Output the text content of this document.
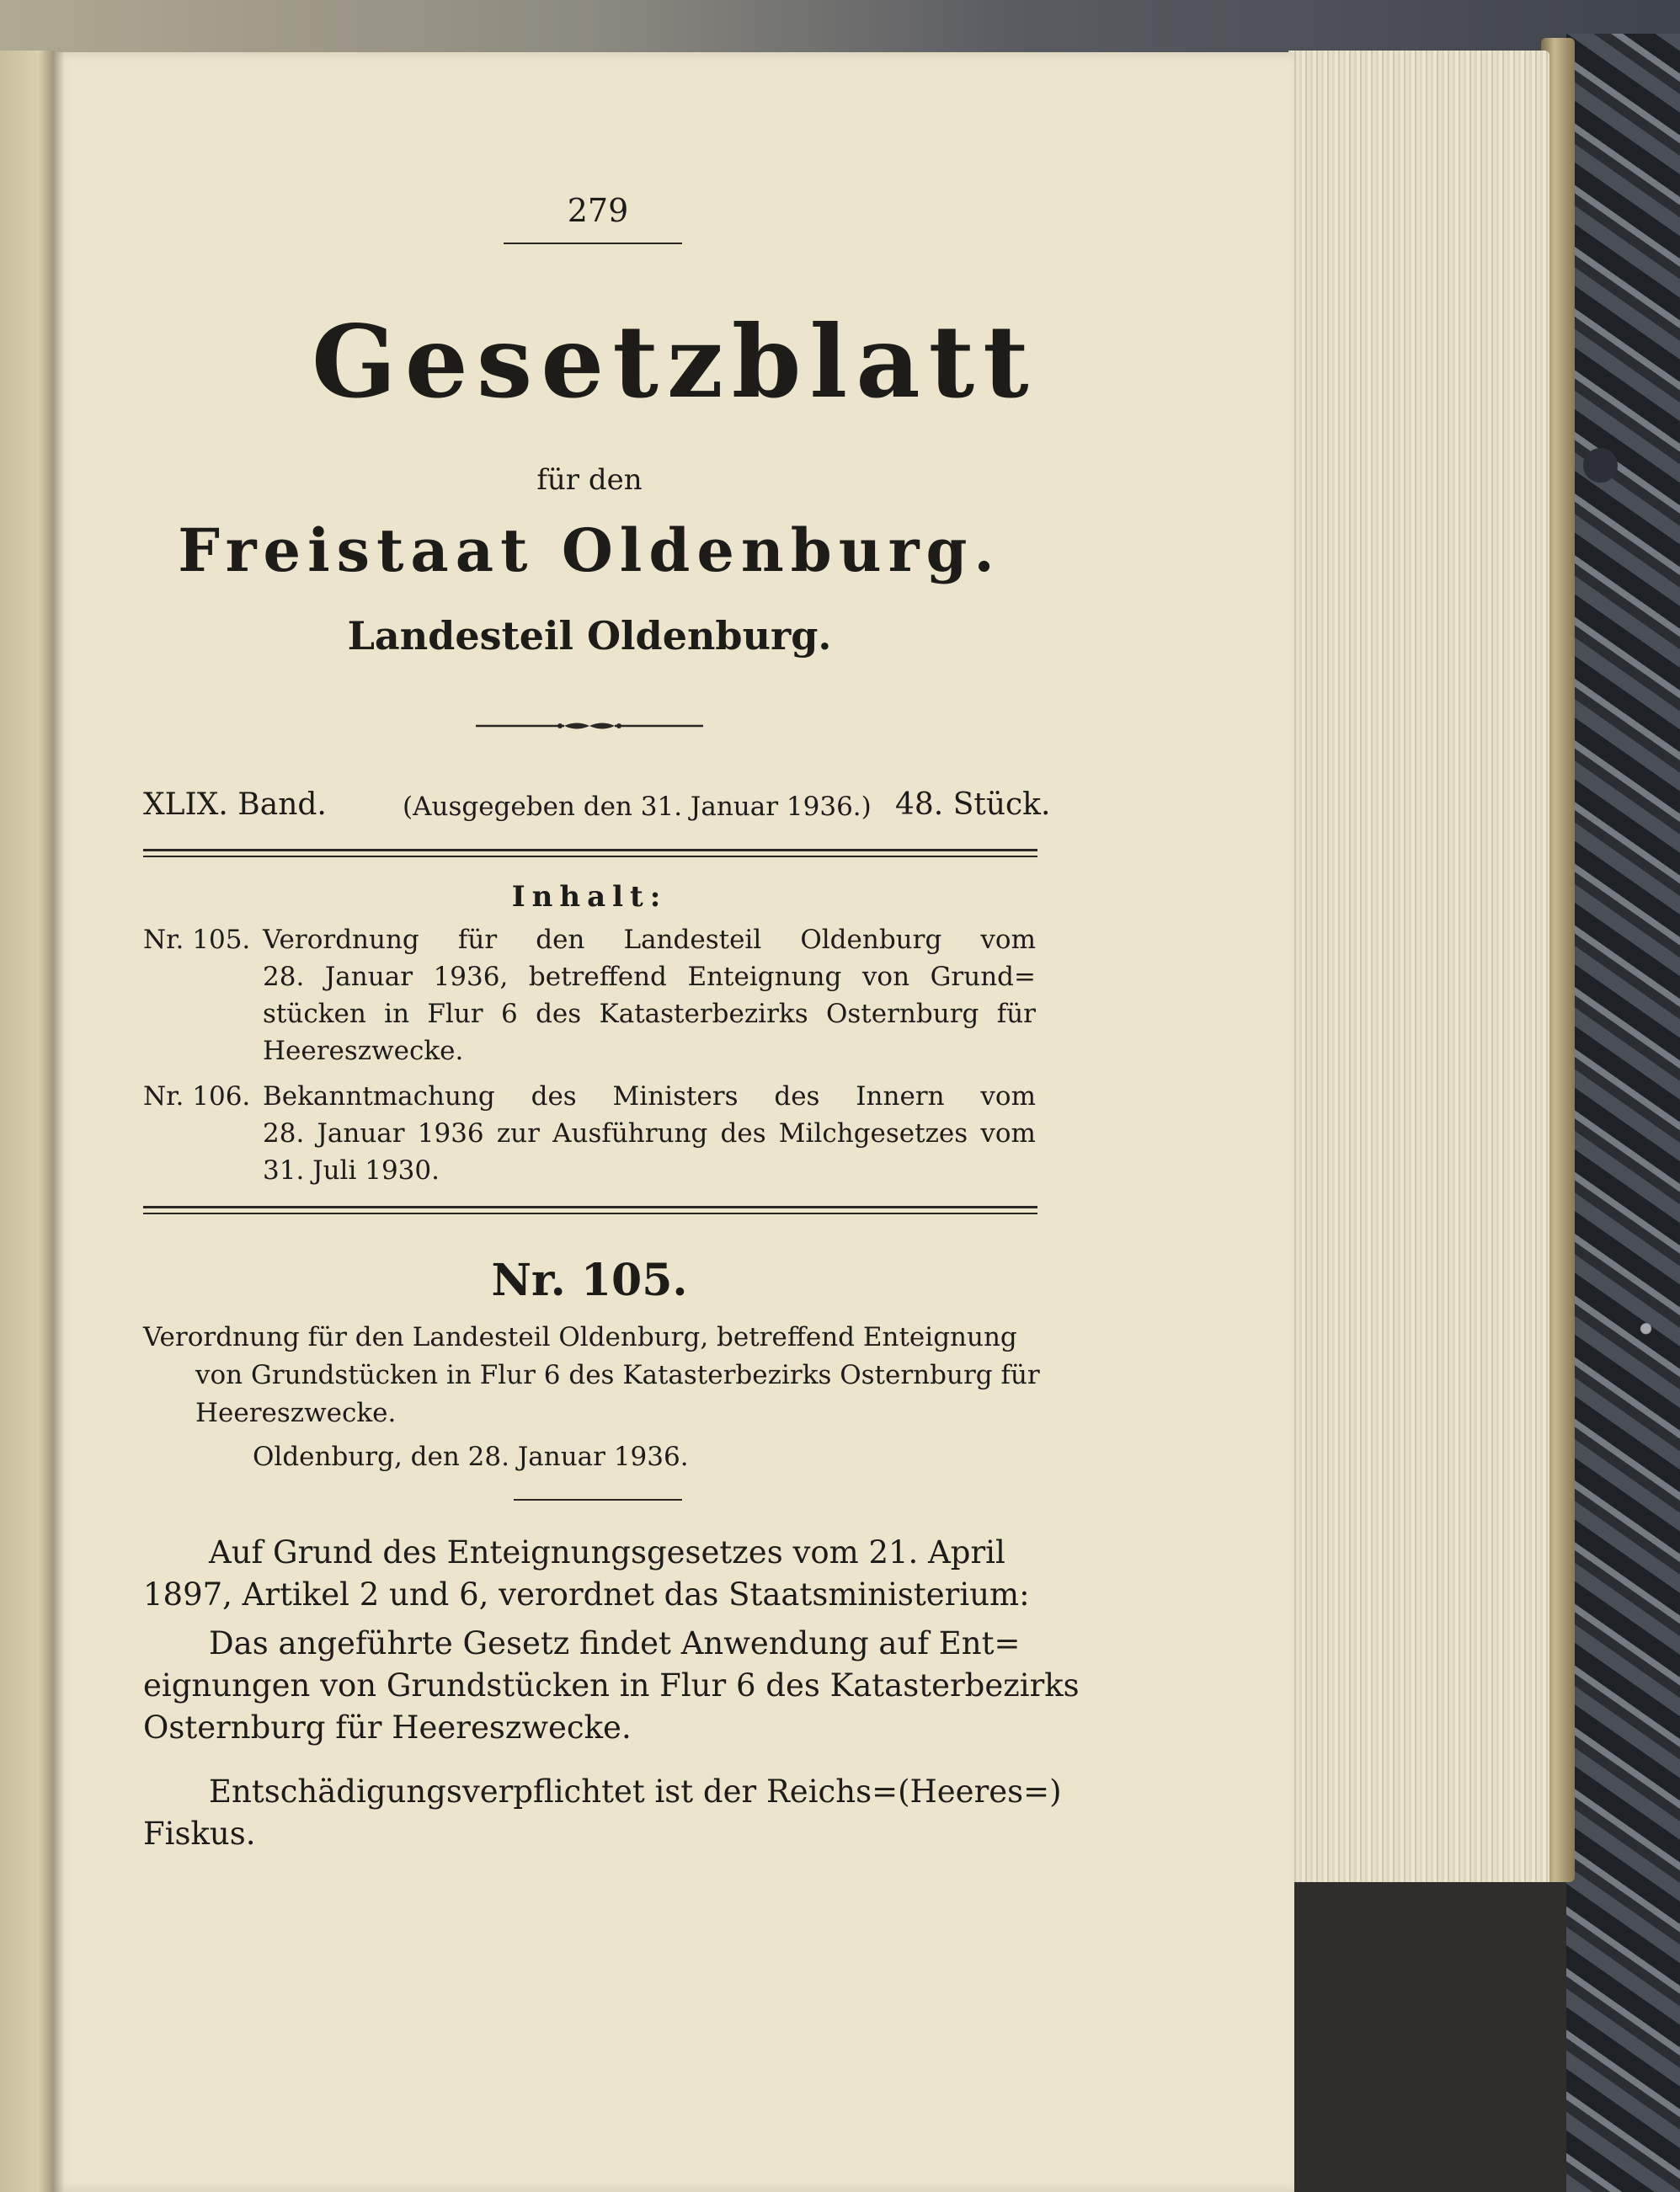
279
Gesetzblatt
für den
Freistaat Oldenburg.
Landesteil Oldenburg.
XLIX. Band.	(Ausgegeben den 31. Januar 1936.) 48. Stück.
Inhalt:
Nr. 105. Verordnung für den Landesteil Oldenburg vom
28. Januar 1936, betreffend Enteignung von Grund=
stücken in Flur 6 des Katasterbezirks Osternburg für
Heereszwecke.
Nr. 106. Bekanntmachung des Ministers des Innern vom
28. Januar 1936 zur Ausführung des Milchgesetzes vom
31. Juli 1930.
Nr. 105.
Verordnung für den Landesteil Oldenburg, betreffend Enteignung
von Grundstücken in Flur 6 des Katasterbezirks Osternburg für
Heereszwecke.
Oldenburg, den 28. Januar 1936.
Auf Grund des Enteignungsgesetzes vom 21. April
1897, Artikel 2 und 6, verordnet das Staatsministerium:
Das angeführte Gesetz findet Anwendung auf Ent=
eignungen von Grundstücken in Flur 6 des Katasterbezirks
Osternburg für Heereszwecke.
Entschädigungsverpflichtet ist der Reichs=(Heeres=)
Fiskus.
